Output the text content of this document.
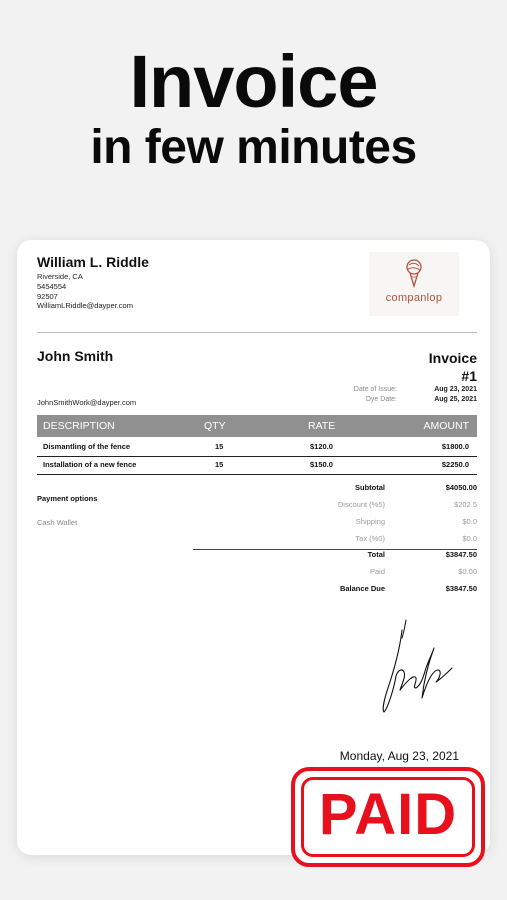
Invoice
in few minutes
William L. Riddle
Riverside, CA
5454554
92507
WilliamLRiddle@dayper.com
companlop
John Smith
JohnSmithWork@dayper.com
Invoice
#1
Date of Issue:	Aug 23, 2021
Dye Date:	Aug 25, 2021
DESCRIPTION	QTY	RATE	AMOUNT
Dismantling of the fence	15	$120.0	$1800.0
Installation of a new fence	15	$150.0	$2250.0
Payment options
Cash Wallet
Subtotal	$4050.00
Discount (%5)	$202.5
Shipping	$0.0
Tax (%0)	$0.0
Total	$3847.50
Paid	$0.00
Balance Due	$3847.50
Monday, Aug 23, 2021
PAID
